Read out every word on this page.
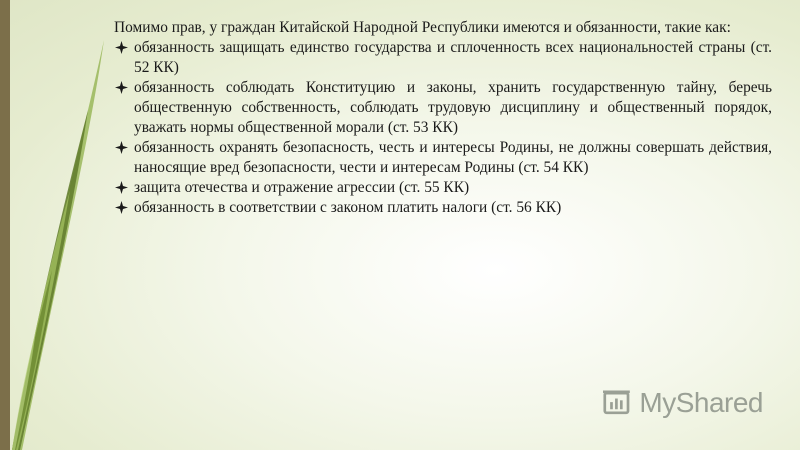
Помимо прав, у граждан Китайской Народной Республики имеются и обязанности, такие как:

обязанность защищать единство государства и сплоченность всех национальностей страны (ст. 52 КК)
обязанность соблюдать Конституцию и законы, хранить государственную тайну, беречь общественную собственность, соблюдать трудовую дисциплину и общественный порядок, уважать нормы общественной морали (ст. 53 КК)
обязанность охранять безопасность, честь и интересы Родины, не должны совершать действия, наносящие вред безопасности, чести и интересам Родины (ст. 54 КК)
защита отечества и отражение агрессии (ст. 55 КК)
обязанность в соответствии с законом платить налоги (ст. 56 КК)
MyShared
